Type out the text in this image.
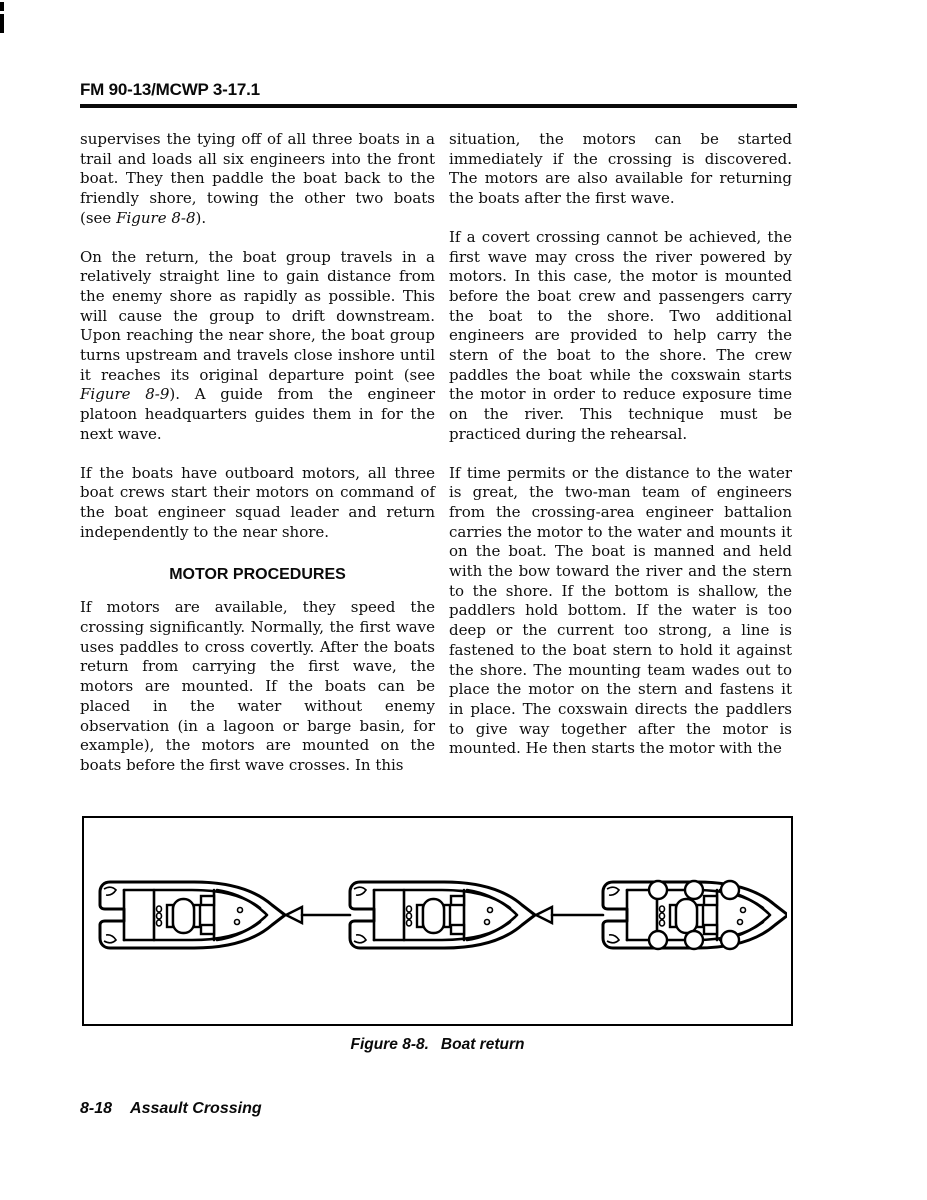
FM 90-13/MCWP 3-17.1
supervises the tying off of all three boats in a trail and loads all six engineers into the front boat. They then paddle the boat back to the friendly shore, towing the other two boats (see Figure 8-8).
On the return, the boat group travels in a relatively straight line to gain distance from the enemy shore as rapidly as possible. This will cause the group to drift downstream. Upon reaching the near shore, the boat group turns upstream and travels close inshore until it reaches its original departure point (see Figure 8-9). A guide from the engineer platoon headquarters guides them in for the next wave.
If the boats have outboard motors, all three boat crews start their motors on command of the boat engineer squad leader and return independently to the near shore.
MOTOR PROCEDURES
If motors are available, they speed the crossing significantly. Normally, the first wave uses paddles to cross covertly. After the boats return from carrying the first wave, the motors are mounted. If the boats can be placed in the water without enemy observation (in a lagoon or barge basin, for example), the motors are mounted on the boats before the first wave crosses. In this
situation, the motors can be started immediately if the crossing is discovered. The motors are also available for returning the boats after the first wave.
If a covert crossing cannot be achieved, the first wave may cross the river powered by motors. In this case, the motor is mounted before the boat crew and passengers carry the boat to the shore. Two additional engineers are provided to help carry the stern of the boat to the shore. The crew paddles the boat while the coxswain starts the motor in order to reduce exposure time on the river. This technique must be practiced during the rehearsal.
If time permits or the distance to the water is great, the two-man team of engineers from the crossing-area engineer battalion carries the motor to the water and mounts it on the boat. The boat is manned and held with the bow toward the river and the stern to the shore. If the bottom is shallow, the paddlers hold bottom. If the water is too deep or the current too strong, a line is fastened to the boat stern to hold it against the shore. The mounting team wades out to place the motor on the stern and fastens it in place. The coxswain directs the paddlers to give way together after the motor is mounted. He then starts the motor with the
Figure 8-8. Boat return
8-18 Assault Crossing
